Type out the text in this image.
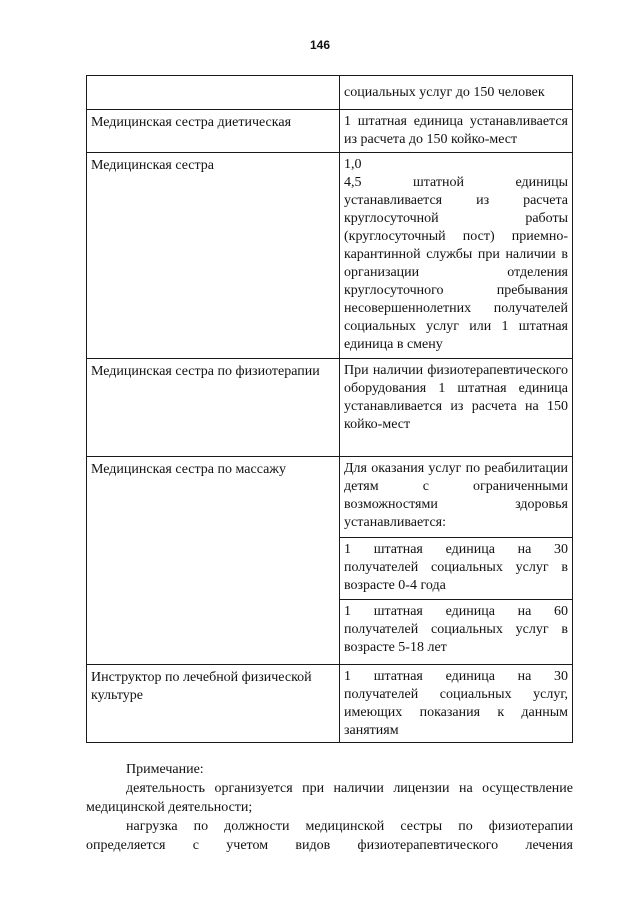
146

	социальных услуг до 150 человек

Медицинская сестра диетическая	1 штатная единица устанавливается из расчета до 150 койко-мест

Медицинская сестра	1,0
4,5 штатной единицы устанавливается из расчета круглосуточной работы (круглосуточный пост) приемно-карантинной службы при наличии в организации отделения круглосуточного пребывания несовершеннолетних получателей социальных услуг или 1 штатная единица в смену

Медицинская сестра по физиотерапии	При наличии физиотерапевтического оборудования 1 штатная единица устанавливается из расчета на 150 койко-мест

Медицинская сестра по массажу	Для оказания услуг по реабилитации детям с ограниченными возможностями здоровья устанавливается:
1 штатная единица на 30 получателей социальных услуг в возрасте 0-4 года
1 штатная единица на 60 получателей социальных услуг в возрасте 5-18 лет

Инструктор по лечебной физической культуре	1 штатная единица на 30 получателей социальных услуг, имеющих показания к данным занятиям

Примечание:

деятельность организуется при наличии лицензии на осуществление медицинской деятельности;

нагрузка по должности медицинской сестры по физиотерапии определяется с учетом видов физиотерапевтического лечения
